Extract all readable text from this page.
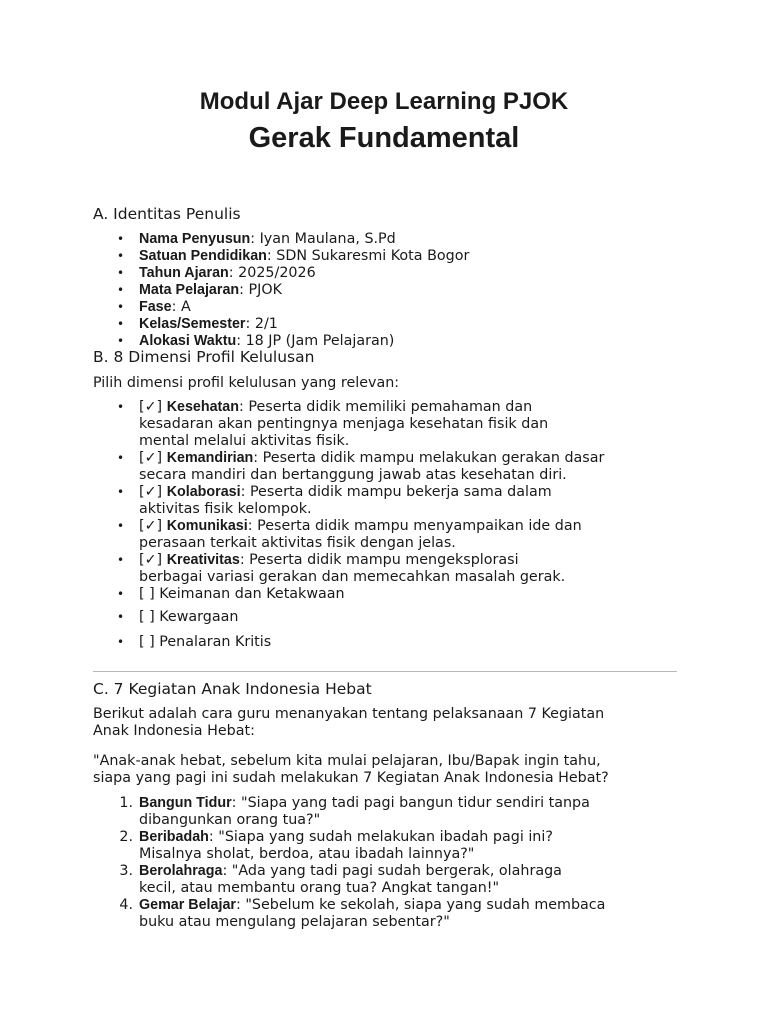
Modul Ajar Deep Learning PJOK
Gerak Fundamental
A. Identitas Penulis
• Nama Penyusun: Iyan Maulana, S.Pd
• Satuan Pendidikan: SDN Sukaresmi Kota Bogor
• Tahun Ajaran: 2025/2026
• Mata Pelajaran: PJOK
• Fase: A
• Kelas/Semester: 2/1
• Alokasi Waktu: 18 JP (Jam Pelajaran)
B. 8 Dimensi Profil Kelulusan
Pilih dimensi profil kelulusan yang relevan:
• [✓] Kesehatan: Peserta didik memiliki pemahaman dan
kesadaran akan pentingnya menjaga kesehatan fisik dan
mental melalui aktivitas fisik.
• [✓] Kemandirian: Peserta didik mampu melakukan gerakan dasar
secara mandiri dan bertanggung jawab atas kesehatan diri.
• [✓] Kolaborasi: Peserta didik mampu bekerja sama dalam
aktivitas fisik kelompok.
• [✓] Komunikasi: Peserta didik mampu menyampaikan ide dan
perasaan terkait aktivitas fisik dengan jelas.
• [✓] Kreativitas: Peserta didik mampu mengeksplorasi
berbagai variasi gerakan dan memecahkan masalah gerak.
• [ ] Keimanan dan Ketakwaan
• [ ] Kewargaan
• [ ] Penalaran Kritis
C. 7 Kegiatan Anak Indonesia Hebat
Berikut adalah cara guru menanyakan tentang pelaksanaan 7 Kegiatan
Anak Indonesia Hebat:
"Anak-anak hebat, sebelum kita mulai pelajaran, Ibu/Bapak ingin tahu,
siapa yang pagi ini sudah melakukan 7 Kegiatan Anak Indonesia Hebat?
1. Bangun Tidur: "Siapa yang tadi pagi bangun tidur sendiri tanpa
dibangunkan orang tua?"
2. Beribadah: "Siapa yang sudah melakukan ibadah pagi ini?
Misalnya sholat, berdoa, atau ibadah lainnya?"
3. Berolahraga: "Ada yang tadi pagi sudah bergerak, olahraga
kecil, atau membantu orang tua? Angkat tangan!"
4. Gemar Belajar: "Sebelum ke sekolah, siapa yang sudah membaca
buku atau mengulang pelajaran sebentar?"
